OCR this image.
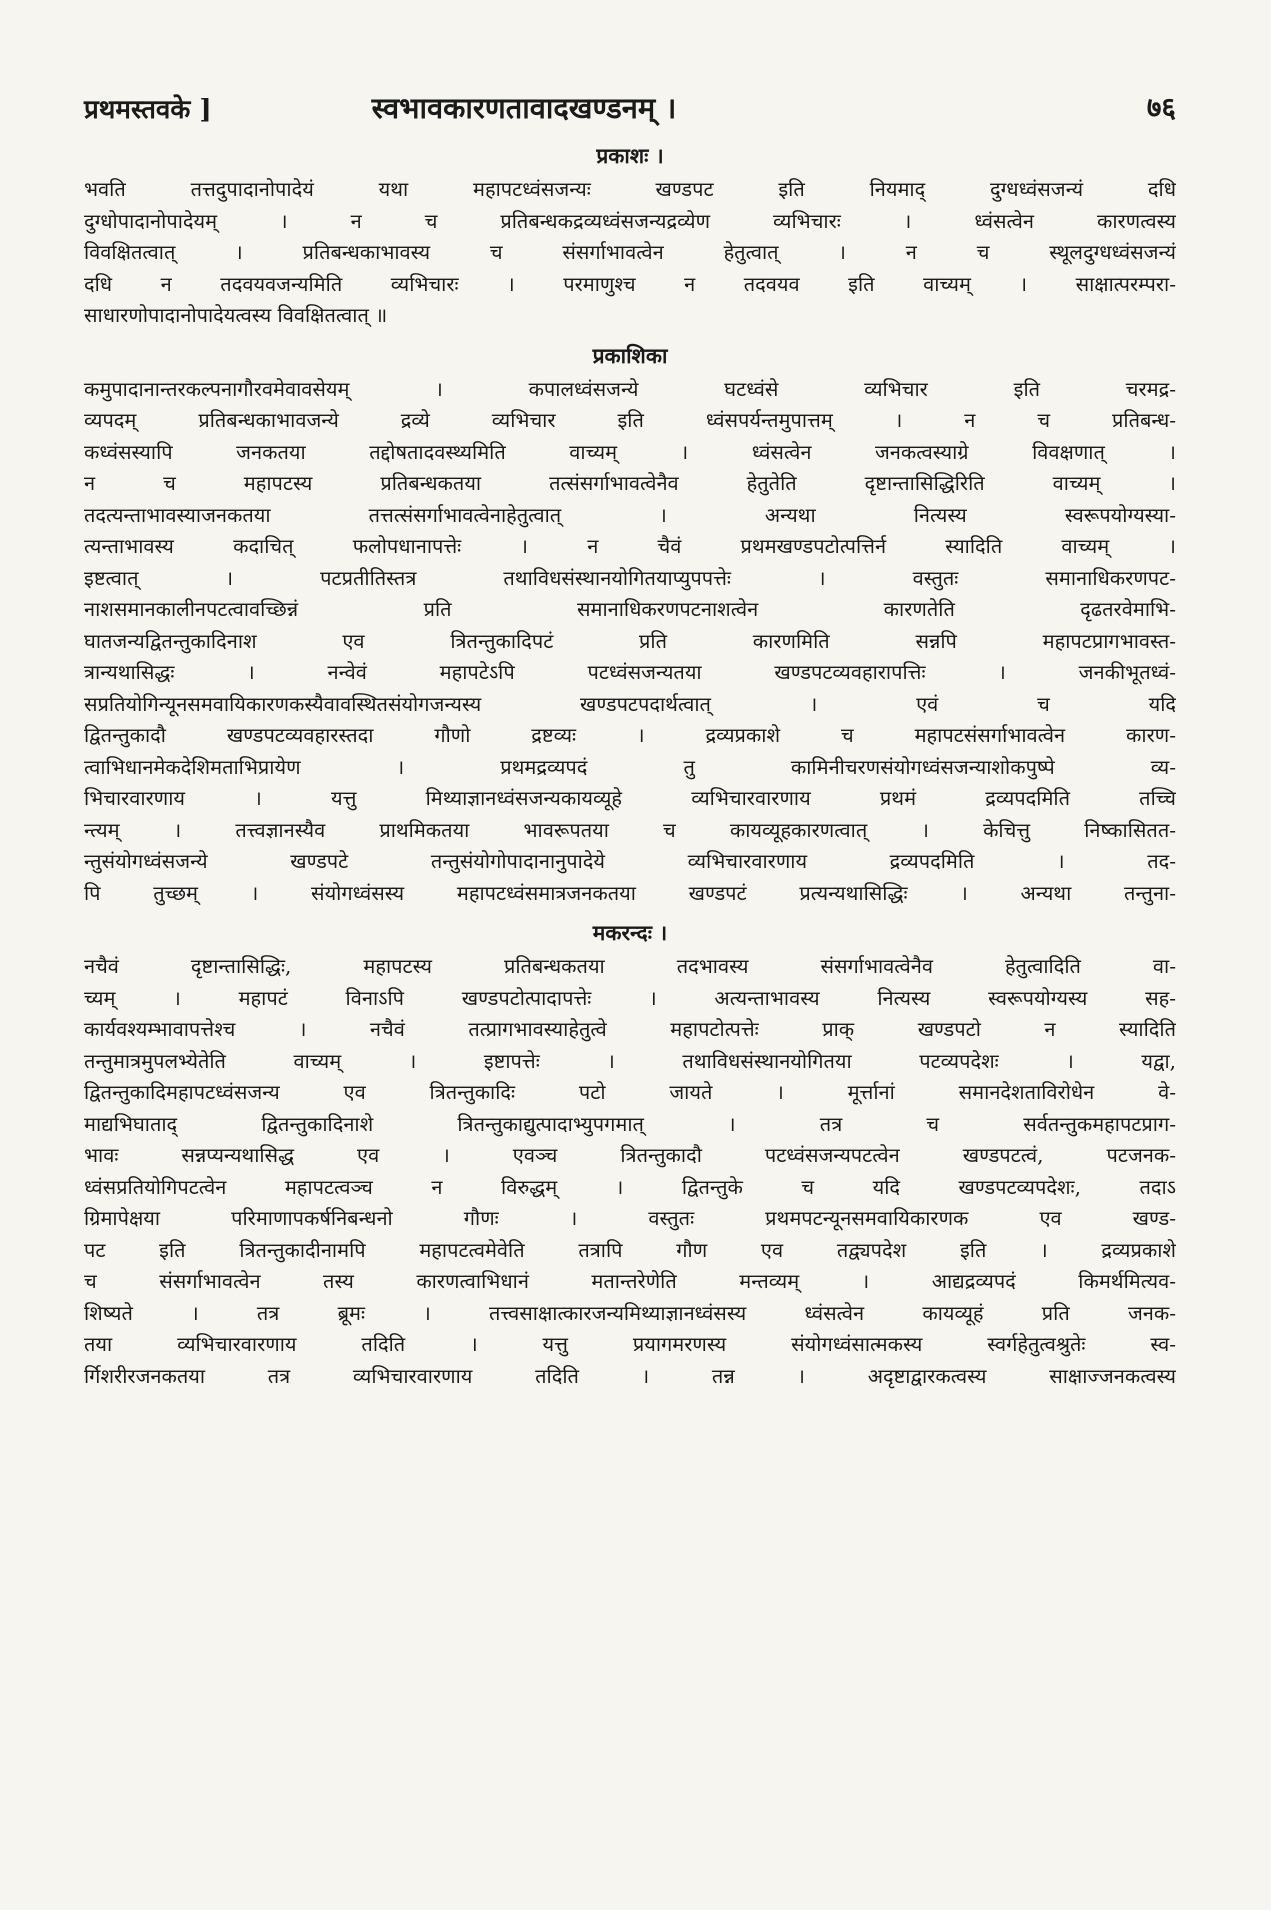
प्रथमस्तवके ]	स्वभावकारणतावादखण्डनम् ।	७६
प्रकाशः ।
भवति तत्तदुपादानोपादेयं यथा महापटध्वंसजन्यः खण्डपट इति नियमाद् दुग्धध्वंसजन्यं दधि
दुग्धोपादानोपादेयम् । न च प्रतिबन्धकद्रव्यध्वंसजन्यद्रव्येण व्यभिचारः । ध्वंसत्वेन कारणत्वस्य
विवक्षितत्वात् । प्रतिबन्धकाभावस्य च संसर्गाभावत्वेन हेतुत्वात् । न च स्थूलदुग्धध्वंसजन्यं
दधि न तदवयवजन्यमिति व्यभिचारः । परमाणुश्च न तदवयव इति वाच्यम् । साक्षात्परम्परा-
साधारणोपादानोपादेयत्वस्य विवक्षितत्वात् ॥
प्रकाशिका
कमुपादानान्तरकल्पनागौरवमेवावसेयम् । कपालध्वंसजन्ये घटध्वंसे व्यभिचार इति चरमद्र-
व्यपदम् प्रतिबन्धकाभावजन्ये द्रव्ये व्यभिचार इति ध्वंसपर्यन्तमुपात्तम् । न च प्रतिबन्ध-
कध्वंसस्यापि जनकतया तद्दोषतादवस्थ्यमिति वाच्यम् । ध्वंसत्वेन जनकत्वस्याग्रे विवक्षणात् ।
न च महापटस्य प्रतिबन्धकतया तत्संसर्गाभावत्वेनैव हेतुतेति दृष्टान्तासिद्धिरिति वाच्यम् ।
तदत्यन्ताभावस्याजनकतया तत्तत्संसर्गाभावत्वेनाहेतुत्वात् । अन्यथा नित्यस्य स्वरूपयोग्यस्या-
त्यन्ताभावस्य कदाचित् फलोपधानापत्तेः । न चैवं प्रथमखण्डपटोत्पत्तिर्न स्यादिति वाच्यम् ।
इष्टत्वात् । पटप्रतीतिस्तत्र तथाविधसंस्थानयोगितयाप्युपपत्तेः । वस्तुतः समानाधिकरणपट-
नाशसमानकालीनपटत्वावच्छिन्नं प्रति समानाधिकरणपटनाशत्वेन कारणतेति दृढतरवेमाभि-
घातजन्यद्वितन्तुकादिनाश एव त्रितन्तुकादिपटं प्रति कारणमिति सन्नपि महापटप्रागभावस्त-
त्रान्यथासिद्धः । नन्वेवं महापटेऽपि पटध्वंसजन्यतया खण्डपटव्यवहारापत्तिः । जनकीभूतध्वं-
सप्रतियोगिन्यूनसमवायिकारणकस्यैवावस्थितसंयोगजन्यस्य खण्डपटपदार्थत्वात् । एवं च यदि
द्वितन्तुकादौ खण्डपटव्यवहारस्तदा गौणो द्रष्टव्यः । द्रव्यप्रकाशे च महापटसंसर्गाभावत्वेन कारण-
त्वाभिधानमेकदेशिमताभिप्रायेण । प्रथमद्रव्यपदं तु कामिनीचरणसंयोगध्वंसजन्याशोकपुष्पे व्य-
भिचारवारणाय । यत्तु मिथ्याज्ञानध्वंसजन्यकायव्यूहे व्यभिचारवारणाय प्रथमं द्रव्यपदमिति तच्चि
न्त्यम् । तत्त्वज्ञानस्यैव प्राथमिकतया भावरूपतया च कायव्यूहकारणत्वात् । केचित्तु निष्कासितत-
न्तुसंयोगध्वंसजन्ये खण्डपटे तन्तुसंयोगोपादानानुपादेये व्यभिचारवारणाय द्रव्यपदमिति । तद-
पि तुच्छम् । संयोगध्वंसस्य महापटध्वंसमात्रजनकतया खण्डपटं प्रत्यन्यथासिद्धिः । अन्यथा तन्तुना-
मकरन्दः ।
नचैवं दृष्टान्तासिद्धिः, महापटस्य प्रतिबन्धकतया तदभावस्य संसर्गाभावत्वेनैव हेतुत्वादिति वा-
च्यम् । महापटं विनाऽपि खण्डपटोत्पादापत्तेः । अत्यन्ताभावस्य नित्यस्य स्वरूपयोग्यस्य सह-
कार्यवश्यम्भावापत्तेश्च । नचैवं तत्प्रागभावस्याहेतुत्वे महापटोत्पत्तेः प्राक् खण्डपटो न स्यादिति
तन्तुमात्रमुपलभ्येतेति वाच्यम् । इष्टापत्तेः । तथाविधसंस्थानयोगितया पटव्यपदेशः । यद्वा,
द्वितन्तुकादिमहापटध्वंसजन्य एव त्रितन्तुकादिः पटो जायते । मूर्त्तानां समानदेशताविरोधेन वे-
माद्यभिघाताद् द्वितन्तुकादिनाशे त्रितन्तुकाद्युत्पादाभ्युपगमात् । तत्र च सर्वतन्तुकमहापटप्राग-
भावः सन्नप्यन्यथासिद्ध एव । एवञ्च त्रितन्तुकादौ पटध्वंसजन्यपटत्वेन खण्डपटत्वं, पटजनक-
ध्वंसप्रतियोगिपटत्वेन महापटत्वञ्च न विरुद्धम् । द्वितन्तुके च यदि खण्डपटव्यपदेशः, तदाऽ
ग्रिमापेक्षया परिमाणापकर्षनिबन्धनो गौणः । वस्तुतः प्रथमपटन्यूनसमवायिकारणक एव खण्ड-
पट इति त्रितन्तुकादीनामपि महापटत्वमेवेति तत्रापि गौण एव तद्व्यपदेश इति । द्रव्यप्रकाशे
च संसर्गाभावत्वेन तस्य कारणत्वाभिधानं मतान्तरेणेति मन्तव्यम् । आद्यद्रव्यपदं किमर्थमित्यव-
शिष्यते । तत्र ब्रूमः । तत्त्वसाक्षात्कारजन्यमिथ्याज्ञानध्वंसस्य ध्वंसत्वेन कायव्यूहं प्रति जनक-
तया व्यभिचारवारणाय तदिति । यत्तु प्रयागमरणस्य संयोगध्वंसात्मकस्य स्वर्गहेतुत्वश्रुतेः स्व-
र्गिशरीरजनकतया तत्र व्यभिचारवारणाय तदिति । तन्न । अदृष्टाद्वारकत्वस्य साक्षाज्जनकत्वस्य
